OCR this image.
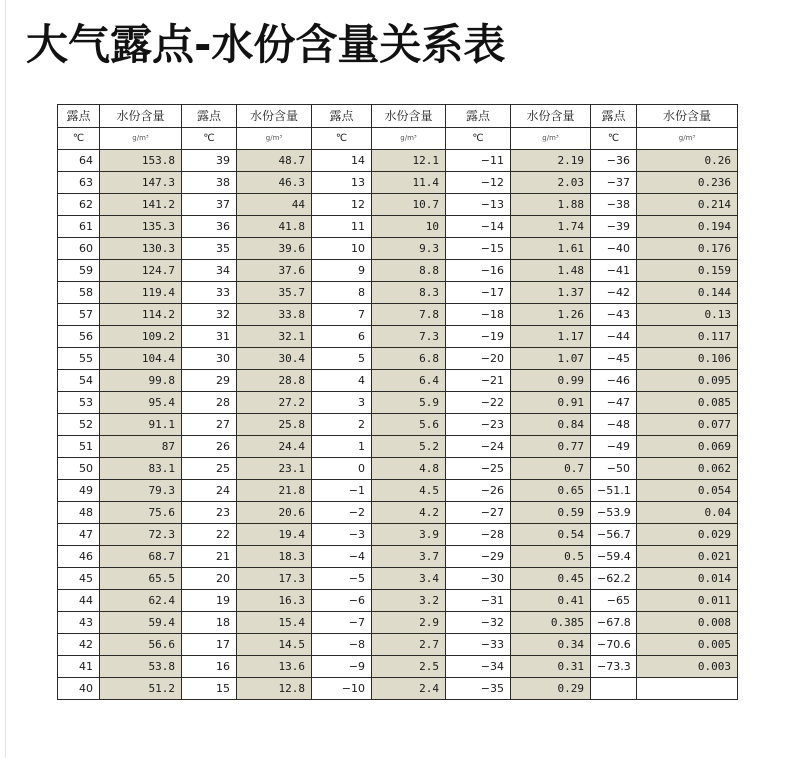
大气露点-水份含量关系表
露点	水份含量	露点	水份含量	露点	水份含量	露点	水份含量	露点	水份含量
℃	g/m³	℃	g/m³	℃	g/m³	℃	g/m³	℃	g/m³
64	153.8	39	48.7	14	12.1	−11	2.19	−36	0.26
63	147.3	38	46.3	13	11.4	−12	2.03	−37	0.236
62	141.2	37	44	12	10.7	−13	1.88	−38	0.214
61	135.3	36	41.8	11	10	−14	1.74	−39	0.194
60	130.3	35	39.6	10	9.3	−15	1.61	−40	0.176
59	124.7	34	37.6	9	8.8	−16	1.48	−41	0.159
58	119.4	33	35.7	8	8.3	−17	1.37	−42	0.144
57	114.2	32	33.8	7	7.8	−18	1.26	−43	0.13
56	109.2	31	32.1	6	7.3	−19	1.17	−44	0.117
55	104.4	30	30.4	5	6.8	−20	1.07	−45	0.106
54	99.8	29	28.8	4	6.4	−21	0.99	−46	0.095
53	95.4	28	27.2	3	5.9	−22	0.91	−47	0.085
52	91.1	27	25.8	2	5.6	−23	0.84	−48	0.077
51	87	26	24.4	1	5.2	−24	0.77	−49	0.069
50	83.1	25	23.1	0	4.8	−25	0.7	−50	0.062
49	79.3	24	21.8	−1	4.5	−26	0.65	−51.1	0.054
48	75.6	23	20.6	−2	4.2	−27	0.59	−53.9	0.04
47	72.3	22	19.4	−3	3.9	−28	0.54	−56.7	0.029
46	68.7	21	18.3	−4	3.7	−29	0.5	−59.4	0.021
45	65.5	20	17.3	−5	3.4	−30	0.45	−62.2	0.014
44	62.4	19	16.3	−6	3.2	−31	0.41	−65	0.011
43	59.4	18	15.4	−7	2.9	−32	0.385	−67.8	0.008
42	56.6	17	14.5	−8	2.7	−33	0.34	−70.6	0.005
41	53.8	16	13.6	−9	2.5	−34	0.31	−73.3	0.003
40	51.2	15	12.8	−10	2.4	−35	0.29		
